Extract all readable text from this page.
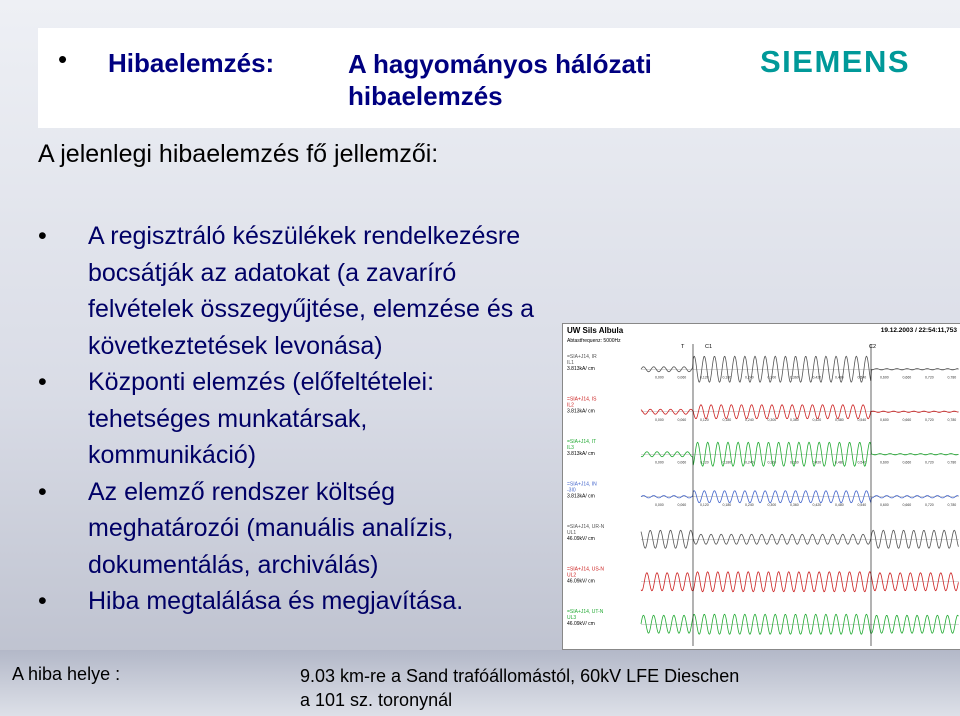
• Hibaelemzés:	A hagyományos hálózati
hibaelemzés
SIEMENS
A jelenlegi hibaelemzés fő jellemzői:
• A regisztráló készülékek rendelkezésre
bocsátják az adatokat (a zavaríró
felvételek összegyűjtése, elemzése és a
következtetések levonása)
• Központi elemzés (előfeltételei:
tehetséges munkatársak,
kommunikáció)
• Az elemző rendszer költség
meghatározói (manuális analízis,
dokumentálás, archiválás)
• Hiba megtalálása és megjavítása.
UW Sils Albula
Abtastfrequenz: 5000Hz
19.12.2003 / 22:54:11,753
T	C1	C2
=SIA+J14, IR
IL1
3.813kA/ cm
0,000	0,060	0,120	0,180	0,240	0,300	0,360	0,420	0,480	0,540	0,600	0,660	0,720	0,780
=SIA+J14, IS
IL2
3.813kA/ cm
0,000	0,060	0,120	0,180	0,240	0,300	0,360	0,420	0,480	0,540	0,600	0,660	0,720	0,780
=SIA+J14, IT
IL3
3.813kA/ cm
0,000	0,060	0,120	0,180	0,240	0,300	0,360	0,420	0,480	0,540	0,600	0,660	0,720	0,780
=SIA+J14, IN
-3I0
3.813kA/ cm
0,000	0,060	0,120	0,180	0,240	0,300	0,360	0,420	0,480	0,540	0,600	0,660	0,720	0,780
=SIA+J14, UR-N
UL1
46.09kV/ cm
=SIA+J14, US-N
UL2
46.09kV/ cm
=SIA+J14, UT-N
UL3
46.09kV/ cm
A hiba helye :	9.03 km-re a Sand trafóállomástól, 60kV LFE Dieschen
a 101 sz. toronynál
